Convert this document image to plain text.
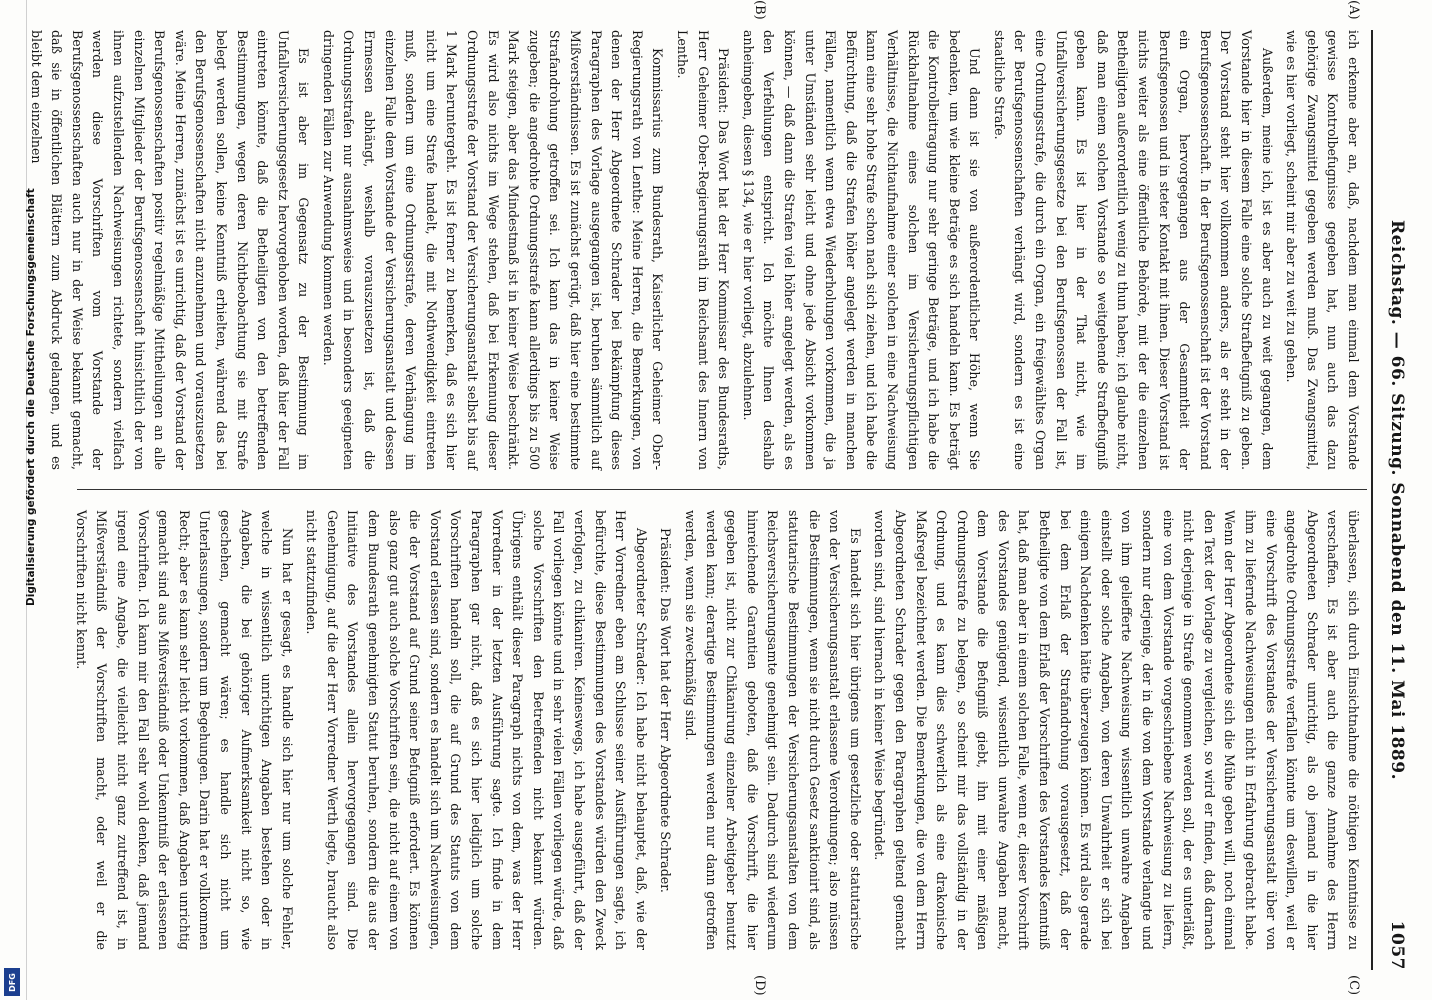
Digitalisierung gefördert durch die Deutsche Forschungsgemeinschaft
DFG
Reichstag. — 66. Sitzung. Sonnabend den 11. Mai 1889.
1057
(A)
(B)
(C)
(D)

ich erkenne aber an, daß, nachdem man einmal dem Vorstande gewisse Kontrolbefugnisse gegeben hat, nun auch das dazu gehörige Zwangsmittel gegeben werden muß. Das Zwangsmittel, wie es hier vorliegt, scheint mir aber zu weit zu gehen.

Außerdem, meine ich, ist es aber auch zu weit gegangen, dem Vorstande hier in diesem Falle eine solche Strafbefugniß zu geben. Der Vorstand steht hier vollkommen anders, als er steht in der Berufsgenossenschaft. In der Berufsgenossenschaft ist der Vorstand ein Organ, hervorgegangen aus der Gesammtheit der Berufsgenossen und in steter Kontakt mit ihnen. Dieser Vorstand ist nichts weiter als eine öffentliche Behörde, mit der die einzelnen Betheiligten außerordentlich wenig zu thun haben; ich glaube nicht, daß man einem solchen Vorstande so weitgehende Strafbefugniß geben kann. Es ist hier in der That nicht, wie im Unfallversicherungsgesetze bei den Berufsgenossen der Fall ist, eine Ordnungsstrafe, die durch ein Organ, ein freigewähltes Organ der Berufsgenossenschaften verhängt wird, sondern es ist eine staatliche Strafe.

Und dann ist sie von außerordentlicher Höhe, wenn Sie bedenken, um wie kleine Beträge es sich handeln kann. Es beträgt die Kontrolbeitragung nur sehr geringe Beträge, und ich habe die Rückhaltnahme eines solchen im Versicherungspflichtigen Verhältnisse, die Nichtaufnahme einer solchen in eine Nachweisung kann eine sehr hohe Strafe schon nach sich ziehen, und ich habe die Befürchtung, daß die Strafen höher angelegt werden in manchen Fällen, namentlich wenn etwa Wiederholungen vorkommen, die ja unter Umständen sehr leicht und ohne jede Absicht vorkommen können, — daß dann die Strafen viel höher angelegt werden, als es den Verfehlungen entspricht. Ich möchte Ihnen deshalb anheimgeben, diesen § 134, wie er hier vorliegt, abzulehnen.

Präsident: Das Wort hat der Herr Kommissar des Bundesraths, Herr Geheimer Ober-Regierungsrath im Reichsamt des Innern von Lenthe.

Kommissarius zum Bundesrath, Kaiserlicher Geheimer Ober-Regierungsrath von Lenthe: Meine Herren, die Bemerkungen, von denen der Herr Abgeordnete Schrader bei Bekämpfung dieses Paragraphen des Vorlage ausgegangen ist, beruhen sämmtlich auf Mißverständnissen. Es ist zunächst gerügt, daß hier eine bestimmte Strafandrohung getroffen sei. Ich kann das in keiner Weise zugeben; die angedrohte Ordnungsstrafe kann allerdings bis zu 500 Mark steigen, aber das Mindestmaß ist in keiner Weise beschränkt. Es wird also nichts im Wege stehen, daß bei Erkennung dieser Ordnungsstrafe der Vorstand der Versicherungsanstalt selbst bis auf 1 Mark heruntergeht. Es ist ferner zu bemerken, daß es sich hier nicht um eine Strafe handelt, die mit Nothwendigkeit eintreten muß, sondern um eine Ordnungsstrafe, deren Verhängung im einzelnen Falle dem Vorstande der Versicherungsanstalt und dessen Ermessen abhängt, weshalb vorauszusetzen ist, daß die Ordnungsstrafen nur ausnahmsweise und in besonders geeigneten dringenden Fällen zur Anwendung kommen werden.

Es ist aber im Gegensatz zu der Bestimmung im Unfallversicherungsgesetz hervorgehoben worden, daß hier der Fall eintreten könnte, daß die Betheiligten von den betreffenden Bestimmungen, wegen deren Nichtbeobachtung sie mit Strafe belegt werden sollen, keine Kenntniß erhielten, während das bei den Berufsgenossenschaften nicht anzunehmen und vorauszusetzen wäre. Meine Herren, zunächst ist es unrichtig, daß der Vorstand der Berufsgenossenschaften positiv regelmäßige Mittheilungen an alle einzelnen Mitglieder der Berufsgenossenschaft hinsichtlich der von ihnen aufzustellenden Nachweisungen richtete, sondern vielfach werden diese Vorschriften vom Vorstande der Berufsgenossenschaften auch nur in der Weise bekannt gemacht, daß sie in öffentlichen Blättern zum Abdruck gelangen, und es bleibt dem einzelnen

überlassen, sich durch Einsichtnahme die nöthigen Kenntnisse zu verschaffen. Es ist aber auch die ganze Annahme des Herrn Abgeordneten Schrader unrichtig, als ob jemand in die hier angedrohte Ordnungsstrafe verfallen könnte um deswillen, weil er eine Vorschrift des Vorstandes der Versicherungsanstalt über von ihm zu liefernde Nachweisungen nicht in Erfahrung gebracht habe. Wenn der Herr Abgeordnete sich die Mühe geben will, noch einmal den Text der Vorlage zu vergleichen, so wird er finden, daß darnach nicht derjenige in Strafe genommen werden soll, der es unterläßt, eine von dem Vorstande vorgeschriebene Nachweisung zu liefern, sondern nur derjenige, der in die von dem Vorstande verlangte und von ihm geliefferte Nachweisung wissentlich unwahre Angaben einstellt oder solche Angaben, von deren Unwahrheit er sich bei einigem Nachdenken hätte überzeugen können. Es wird also gerade bei dem Erlaß der Strafandrohung vorausgesetzt, daß der Betheiligte von dem Erlaß der Vorschriften des Vorstandes Kenntniß hat, daß man aber in einem solchen Falle, wenn er, dieser Vorschrift des Vorstandes genügend, wissentlich unwahre Angaben macht, dem Vorstande die Befugniß giebt, ihn mit einer mäßigen Ordnungsstrafe zu belegen, so scheint mir das vollständig in der Ordnung, und es kann dies schwerlich als eine drakonische Maßregel bezeichnet werden. Die Bemerkungen, die von dem Herrn Abgeordneten Schrader gegen den Paragraphen geltend gemacht worden sind, sind hiernach in keiner Weise begründet.

Es handelt sich hier übrigens um gesetzliche oder statutarische von der Versicherungsanstalt erlassene Verordnungen; also müssen die Bestimmungen, wenn sie nicht durch Gesetz sanktionirt sind, als statutarische Bestimmungen der Versicherungsanstalten von dem Reichsversicherungsamte genehmigt sein. Dadurch sind wiederum hinreichende Garantien geboten, daß die Vorschrift, die hier gegeben ist, nicht zur Chikanirung einzelner Arbeitgeber benutzt werden kann; derartige Bestimmungen werden nur dann getroffen werden, wenn sie zweckmäßig sind.

Präsident: Das Wort hat der Herr Abgeordnete Schrader.

Abgeordneter Schrader: Ich habe nicht behauptet, daß, wie der Herr Vorredner eben am Schlusse seiner Ausführungen sagte, ich befürchte, diese Bestimmungen des Vorstandes würden den Zweck verfolgen, zu chikaniren. Keineswegs, ich habe ausgeführt, daß der Fall vorliegen könnte und in sehr vielen Fällen vorliegen würde, daß solche Vorschriften den Betreffenden nicht bekannt würden. Übrigens enthält dieser Paragraph nichts von dem, was der Herr Vorredner in der letzten Ausführung sagte. Ich finde in dem Paragraphen gar nicht, daß es sich hier lediglich um solche Vorschriften handeln soll, die auf Grund des Statuts von dem Vorstand erlassen sind, sondern es handelt sich um Nachweisungen, die der Vorstand auf Grund seiner Befugniß erfordert. Es können also ganz gut auch solche Vorschriften sein, die nicht auf einem von dem Bundesrath genehmigten Statut beruhen, sondern die aus der Initiative des Vorstandes allein hervorgegangen sind. Die Genehmigung, auf die der Herr Vorredner Werth legte, braucht also nicht stattzufinden.

Nun hat er gesagt, es handle sich hier nur um solche Fehler, welche in wissentlich unrichtigen Angaben bestehen oder in Angaben, die bei gehöriger Aufmerksamkeit nicht so, wie geschehen, gemacht wären; es handle sich nicht um Unterlassungen, sondern um Begehungen. Darin hat er vollkommen Recht; aber es kann sehr leicht vorkommen, daß Angaben unrichtig gemacht sind aus Mißverständniß oder Unkenntniß der erlassenen Vorschriften. Ich kann mir den Fall sehr wohl denken, daß jemand irgend eine Angabe, die vielleicht nicht ganz zutreffend ist, in Mißverständniß der Vorschriften macht, oder weil er die Vorschriften nicht kennt.
